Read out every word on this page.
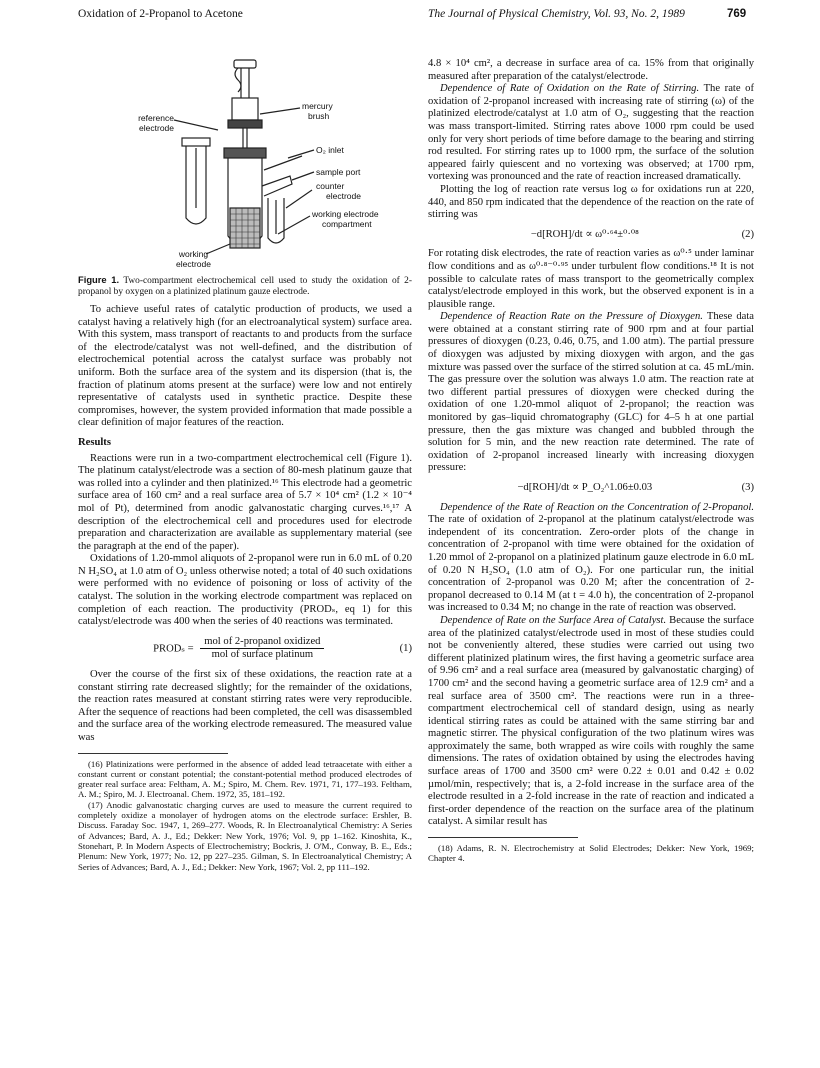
Oxidation of 2-Propanol to Acetone	The Journal of Physical Chemistry, Vol. 93, No. 2, 1989	769
reference
electrode
mercury
brush
O₂ inlet
sample port
counter
electrode
working electrode
compartment
working
electrode

Figure 1. Two-compartment electrochemical cell used to study the oxidation of 2-propanol by oxygen on a platinized platinum gauze electrode.

To achieve useful rates of catalytic production of products, we used a catalyst having a relatively high (for an electroanalytical system) surface area. With this system, mass transport of reactants to and products from the surface of the electrode/catalyst was not well-defined, and the distribution of electrochemical potential across the catalyst surface was probably not uniform. Both the surface area of the system and its dispersion (that is, the fraction of platinum atoms present at the surface) were low and not entirely representative of catalysts used in synthetic practice. Despite these compromises, however, the system provided information that made possible a clear definition of major features of the reaction.

Results

Reactions were run in a two-compartment electrochemical cell (Figure 1). The platinum catalyst/electrode was a section of 80-mesh platinum gauze that was rolled into a cylinder and then platinized.¹⁶ This electrode had a geometric surface area of 160 cm² and a real surface area of 5.7 × 10⁴ cm² (1.2 × 10⁻⁴ mol of Pt), determined from anodic galvanostatic charging curves.¹⁶,¹⁷ A description of the electrochemical cell and procedures used for electrode preparation and characterization are available as supplementary material (see the paragraph at the end of the paper).

Oxidations of 1.20-mmol aliquots of 2-propanol were run in 6.0 mL of 0.20 N H₂SO₄ at 1.0 atm of O₂ unless otherwise noted; a total of 40 such oxidations were performed with no evidence of poisoning or loss of activity of the catalyst. The solution in the working electrode compartment was replaced on completion of each reaction. The productivity (PRODₛ, eq 1) for this catalyst/electrode was 400 when the series of 40 reactions was terminated.

PRODₛ = $\frac{\text{mol of 2-propanol oxidized}}{\text{mol of surface platinum}}$	(1)

Over the course of the first six of these oxidations, the reaction rate at a constant stirring rate decreased slightly; for the remainder of the oxidations, the reaction rates measured at constant stirring rates were very reproducible. After the sequence of reactions had been completed, the cell was disassembled and the surface area of the working electrode remeasured. The measured value was

(16) Platinizations were performed in the absence of added lead tetraacetate with either a constant current or constant potential; the constant-potential method produced electrodes of greater real surface area: Feltham, A. M.; Spiro, M. Chem. Rev. 1971, 71, 177–193. Feltham, A. M.; Spiro, M. J. Electroanal. Chem. 1972, 35, 181–192.

(17) Anodic galvanostatic charging curves are used to measure the current required to completely oxidize a monolayer of hydrogen atoms on the electrode surface: Ershler, B. Discuss. Faraday Soc. 1947, 1, 269–277. Woods, R. In Electroanalytical Chemistry: A Series of Advances; Bard, A. J., Ed.; Dekker: New York, 1976; Vol. 9, pp 1–162. Kinoshita, K., Stonehart, P. In Modern Aspects of Electrochemistry; Bockris, J. O'M., Conway, B. E., Eds.; Plenum: New York, 1977; No. 12, pp 227–235. Gilman, S. In Electroanalytical Chemistry; A Series of Advances; Bard, A. J., Ed.; Dekker: New York, 1967; Vol. 2, pp 111–192.

4.8 × 10⁴ cm², a decrease in surface area of ca. 15% from that originally measured after preparation of the catalyst/electrode.

Dependence of Rate of Oxidation on the Rate of Stirring. The rate of oxidation of 2-propanol increased with increasing rate of stirring (ω) of the platinized electrode/catalyst at 1.0 atm of O₂, suggesting that the reaction was mass transport-limited. Stirring rates above 1000 rpm could be used only for very short periods of time before damage to the bearing and stirring rod resulted. For stirring rates up to 1000 rpm, the surface of the solution appeared fairly quiescent and no vortexing was observed; at 1700 rpm, vortexing was pronounced and the rate of reaction increased dramatically.

Plotting the log of reaction rate versus log ω for oxidations run at 220, 440, and 850 rpm indicated that the dependence of the reaction on the rate of stirring was

−d[ROH]/dt ∝ ω⁰·⁶⁴±⁰·⁰⁸	(2)

For rotating disk electrodes, the rate of reaction varies as ω⁰·⁵ under laminar flow conditions and as ω⁰·⁸⁻⁰·⁹⁵ under turbulent flow conditions.¹⁸ It is not possible to calculate rates of mass transport to the geometrically complex catalyst/electrode employed in this work, but the observed exponent is in a plausible range.

Dependence of Reaction Rate on the Pressure of Dioxygen. These data were obtained at a constant stirring rate of 900 rpm and at four partial pressures of dioxygen (0.23, 0.46, 0.75, and 1.00 atm). The partial pressure of dioxygen was adjusted by mixing dioxygen with argon, and the gas mixture was passed over the surface of the stirred solution at ca. 45 mL/min. The gas pressure over the solution was always 1.0 atm. The reaction rate at two different partial pressures of dioxygen were checked during the oxidation of one 1.20-mmol aliquot of 2-propanol; the reaction was monitored by gas–liquid chromatography (GLC) for 4–5 h at one partial pressure, then the gas mixture was changed and bubbled through the solution for 5 min, and the new reaction rate determined. The rate of oxidation of 2-propanol increased linearly with increasing dioxygen pressure:

−d[ROH]/dt ∝ P_O₂^1.06±0.03	(3)

Dependence of the Rate of Reaction on the Concentration of 2-Propanol. The rate of oxidation of 2-propanol at the platinum catalyst/electrode was independent of its concentration. Zero-order plots of the change in concentration of 2-propanol with time were obtained for the oxidation of 1.20 mmol of 2-propanol on a platinized platinum gauze electrode in 6.0 mL of 0.20 N H₂SO₄ (1.0 atm of O₂). For one particular run, the initial concentration of 2-propanol was 0.20 M; after the concentration of 2-propanol decreased to 0.14 M (at t = 4.0 h), the concentration of 2-propanol was increased to 0.34 M; no change in the rate of reaction was observed.

Dependence of Rate on the Surface Area of Catalyst. Because the surface area of the platinized catalyst/electrode used in most of these studies could not be conveniently altered, these studies were carried out using two different platinized platinum wires, the first having a geometric surface area of 9.96 cm² and a real surface area (measured by galvanostatic charging) of 1700 cm² and the second having a geometric surface area of 12.9 cm² and a real surface area of 3500 cm². The reactions were run in a three-compartment electrochemical cell of standard design, using as nearly identical stirring rates as could be attained with the same stirring bar and magnetic stirrer. The physical configuration of the two platinum wires was approximately the same, both wrapped as wire coils with roughly the same dimensions. The rates of oxidation obtained by using the electrodes having surface areas of 1700 and 3500 cm² were 0.22 ± 0.01 and 0.42 ± 0.02 µmol/min, respectively; that is, a 2-fold increase in the surface area of the electrode resulted in a 2-fold increase in the rate of reaction and indicated a first-order dependence of the reaction on the surface area of the platinum catalyst. A similar result has

(18) Adams, R. N. Electrochemistry at Solid Electrodes; Dekker: New York, 1969; Chapter 4.
